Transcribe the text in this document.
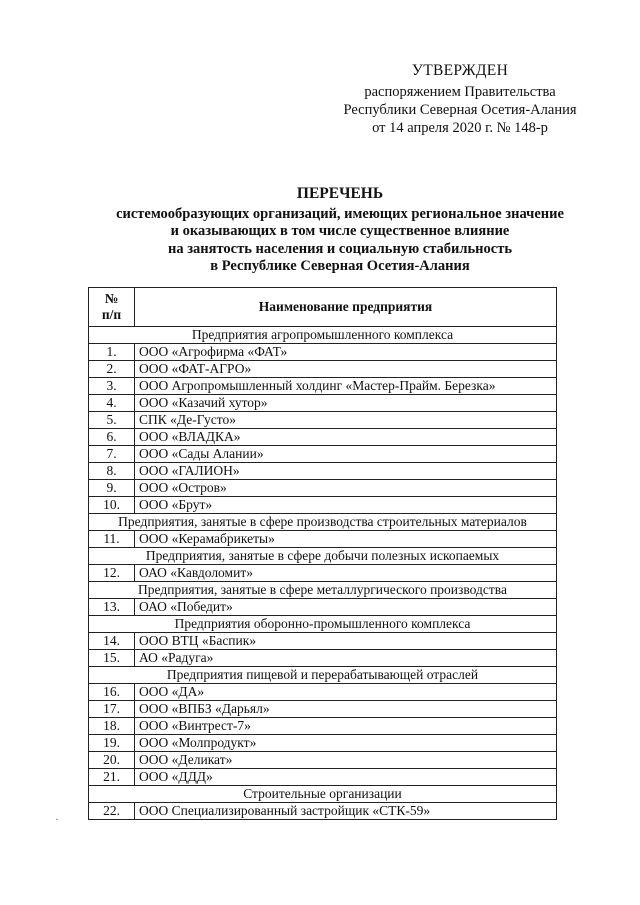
УТВЕРЖДЕН
распоряжением Правительства
Республики Северная Осетия-Алания
от 14 апреля 2020 г. № 148-р
ПЕРЕЧЕНЬ
системообразующих организаций, имеющих региональное значение
и оказывающих в том числе существенное влияние
на занятость населения и социальную стабильность
в Республике Северная Осетия-Алания
№
п/п	Наименование предприятия
Предприятия агропромышленного комплекса	
1.	ООО «Агрофирма «ФАТ»
2.	ООО «ФАТ-АГРО»
3.	ООО Агропромышленный холдинг «Мастер-Прайм. Березка»
4.	ООО «Казачий хутор»
5.	СПК «Де-Густо»
6.	ООО «ВЛАДКА»
7.	ООО «Сады Алании»
8.	ООО «ГАЛИОН»
9.	ООО «Остров»
10.	ООО «Брут»
Предприятия, занятые в сфере производства строительных материалов	
11.	ООО «Керамабрикеты»
Предприятия, занятые в сфере добычи полезных ископаемых	
12.	ОАО «Кавдоломит»
Предприятия, занятые в сфере металлургического производства	
13.	ОАО «Победит»
Предприятия оборонно-промышленного комплекса	
14.	ООО ВТЦ «Баспик»
15.	АО «Радуга»
Предприятия пищевой и перерабатывающей отраслей	
16.	ООО «ДА»
17.	ООО «ВПБЗ «Дарьял»
18.	ООО «Винтрест-7»
19.	ООО «Молпродукт»
20.	ООО «Деликат»
21.	ООО «ДДД»
Строительные организации	
22.	ООО Специализированный застройщик «СТК-59»
·
